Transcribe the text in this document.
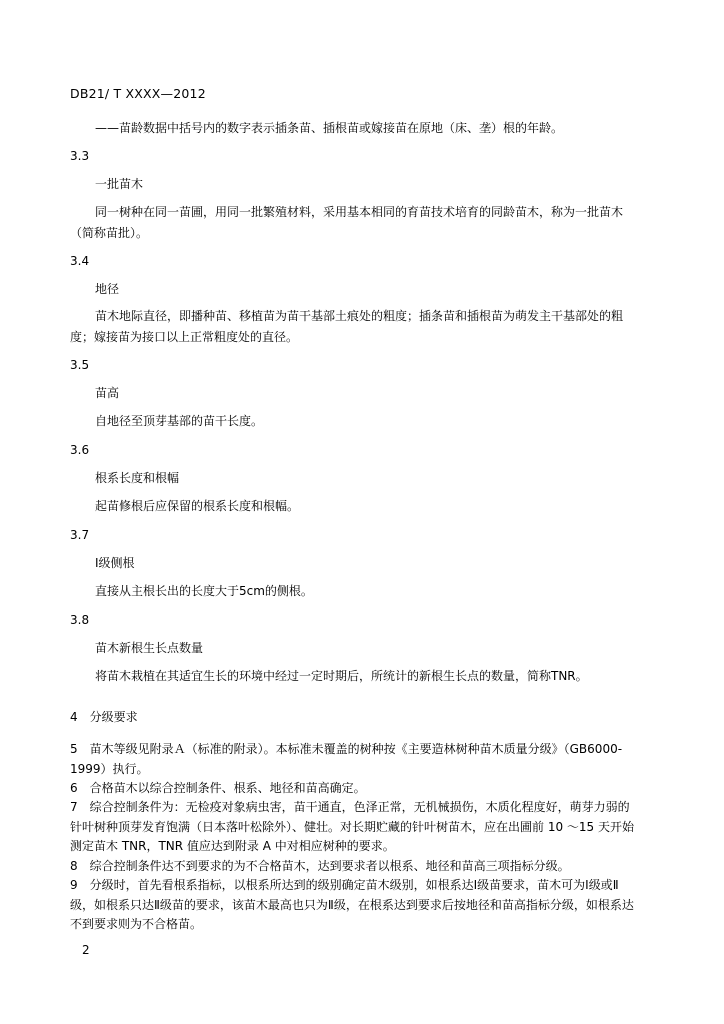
DB21/ T XXXX—2012
——苗龄数据中括号内的数字表示插条苗、插根苗或嫁接苗在原地（床、垄）根的年龄。
3.3
一批苗木
同一树种在同一苗圃，用同一批繁殖材料，采用基本相同的育苗技术培育的同龄苗木，称为一批苗木（简称苗批）。
3.4
地径
苗木地际直径，即播种苗、移植苗为苗干基部土痕处的粗度；插条苗和插根苗为萌发主干基部处的粗度；嫁接苗为接口以上正常粗度处的直径。
3.5
苗高
自地径至顶芽基部的苗干长度。
3.6
根系长度和根幅
起苗修根后应保留的根系长度和根幅。
3.7
Ⅰ级侧根
直接从主根长出的长度大于5cm的侧根。
3.8
苗木新根生长点数量
将苗木栽植在其适宜生长的环境中经过一定时期后，所统计的新根生长点的数量，简称TNR。
4　分级要求
5　苗木等级见附录Ａ（标准的附录）。本标准未覆盖的树种按《主要造林树种苗木质量分级》（GB6000-1999）执行。
6　合格苗木以综合控制条件、根系、地径和苗高确定。
7　综合控制条件为：无检疫对象病虫害，苗干通直，色泽正常，无机械损伤，木质化程度好，萌芽力弱的针叶树种顶芽发育饱满（日本落叶松除外）、健壮。对长期贮藏的针叶树苗木，应在出圃前 10 ～15 天开始测定苗木 TNR，TNR 值应达到附录 A 中对相应树种的要求。
8　综合控制条件达不到要求的为不合格苗木，达到要求者以根系、地径和苗高三项指标分级。
9　分级时，首先看根系指标，以根系所达到的级别确定苗木级别，如根系达Ⅰ级苗要求，苗木可为Ⅰ级或Ⅱ级，如根系只达Ⅱ级苗的要求，该苗木最高也只为Ⅱ级，在根系达到要求后按地径和苗高指标分级，如根系达不到要求则为不合格苗。
2
